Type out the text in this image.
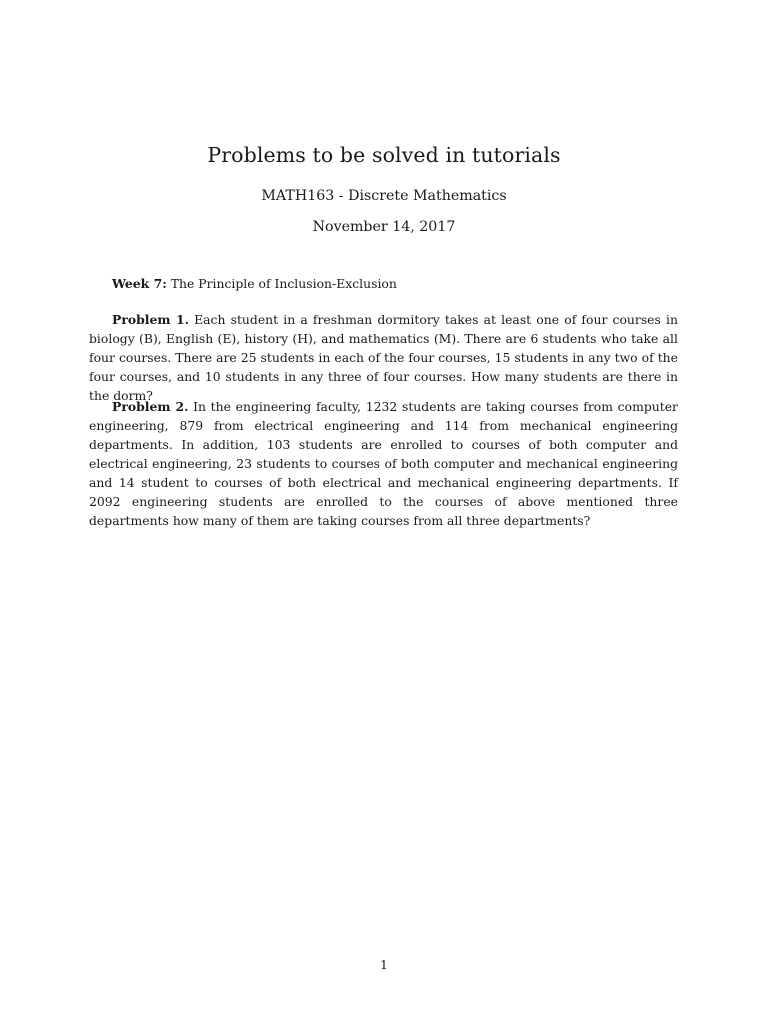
Problems to be solved in tutorials
MATH163 - Discrete Mathematics
November 14, 2017
Week 7: The Principle of Inclusion-Exclusion
Problem 1. Each student in a freshman dormitory takes at least one of four courses in biology (B), English (E), history (H), and mathematics (M). There are 6 students who take all four courses. There are 25 students in each of the four courses, 15 students in any two of the four courses, and 10 students in any three of four courses. How many students are there in the dorm?
Problem 2. In the engineering faculty, 1232 students are taking courses from computer engineering, 879 from electrical engineering and 114 from mechanical engineering departments. In addition, 103 students are enrolled to courses of both computer and electrical engineering, 23 students to courses of both computer and mechanical engineering and 14 student to courses of both electrical and mechanical engineering departments. If 2092 engineering students are enrolled to the courses of above mentioned three departments how many of them are taking courses from all three departments?
1
